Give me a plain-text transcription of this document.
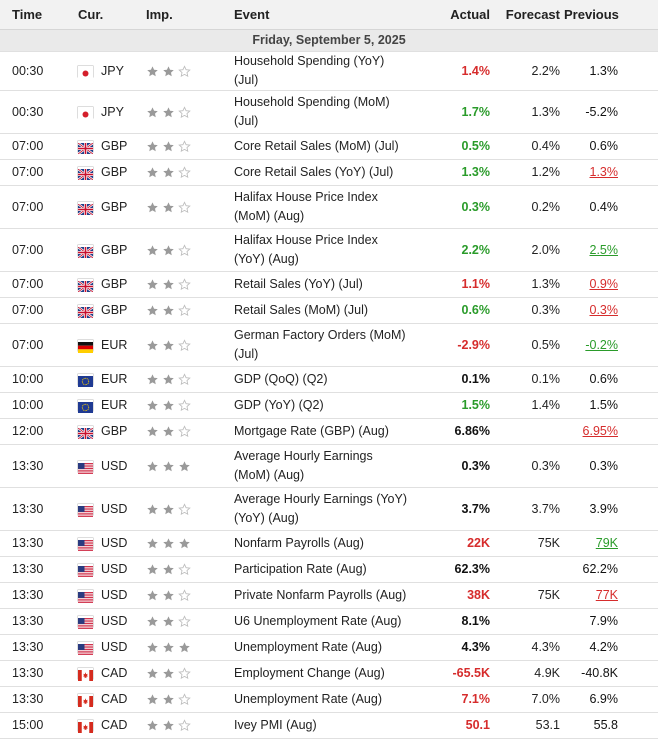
Time	Cur.	Imp.	Event	Actual	Forecast	Previous
Friday, September 5, 2025						
00:30	JPY		Household Spending (YoY) (Jul)	1.4%	2.2%	1.3%
00:30	JPY		Household Spending (MoM) (Jul)	1.7%	1.3%	-5.2%
07:00	GBP		Core Retail Sales (MoM) (Jul)	0.5%	0.4%	0.6%
07:00	GBP		Core Retail Sales (YoY) (Jul)	1.3%	1.2%	1.3%
07:00	GBP		Halifax House Price Index (MoM) (Aug)	0.3%	0.2%	0.4%
07:00	GBP		Halifax House Price Index (YoY) (Aug)	2.2%	2.0%	2.5%
07:00	GBP		Retail Sales (YoY) (Jul)	1.1%	1.3%	0.9%
07:00	GBP		Retail Sales (MoM) (Jul)	0.6%	0.3%	0.3%
07:00	EUR		German Factory Orders (MoM) (Jul)	-2.9%	0.5%	-0.2%
10:00	EUR		GDP (QoQ) (Q2)	0.1%	0.1%	0.6%
10:00	EUR		GDP (YoY) (Q2)	1.5%	1.4%	1.5%
12:00	GBP		Mortgage Rate (GBP) (Aug)	6.86%		6.95%
13:30	USD		Average Hourly Earnings (MoM) (Aug)	0.3%	0.3%	0.3%
13:30	USD		Average Hourly Earnings (YoY) (YoY) (Aug)	3.7%	3.7%	3.9%
13:30	USD		Nonfarm Payrolls (Aug)	22K	75K	79K
13:30	USD		Participation Rate (Aug)	62.3%		62.2%
13:30	USD		Private Nonfarm Payrolls (Aug)	38K	75K	77K
13:30	USD		U6 Unemployment Rate (Aug)	8.1%		7.9%
13:30	USD		Unemployment Rate (Aug)	4.3%	4.3%	4.2%
13:30	CAD		Employment Change (Aug)	-65.5K	4.9K	-40.8K
13:30	CAD		Unemployment Rate (Aug)	7.1%	7.0%	6.9%
15:00	CAD		Ivey PMI (Aug)	50.1	53.1	55.8
